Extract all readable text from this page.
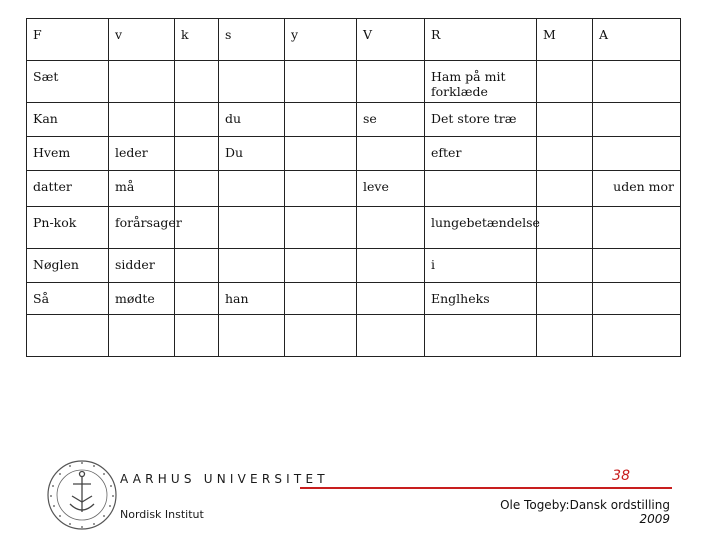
F	v	k	s	y	V	R	M	A
Sæt						Ham på mit forklæde		
Kan			du		se	Det store træ		
Hvem	leder		Du			efter		
datter	må				leve			uden mor
Pn-kok	forårsager					lungebetændelse		
Nøglen	sidder					i		
Så	mødte		han			Englheks		

AARHUS UNIVERSITET
Nordisk Institut
38
Ole Togeby:Dansk ordstilling
2009
